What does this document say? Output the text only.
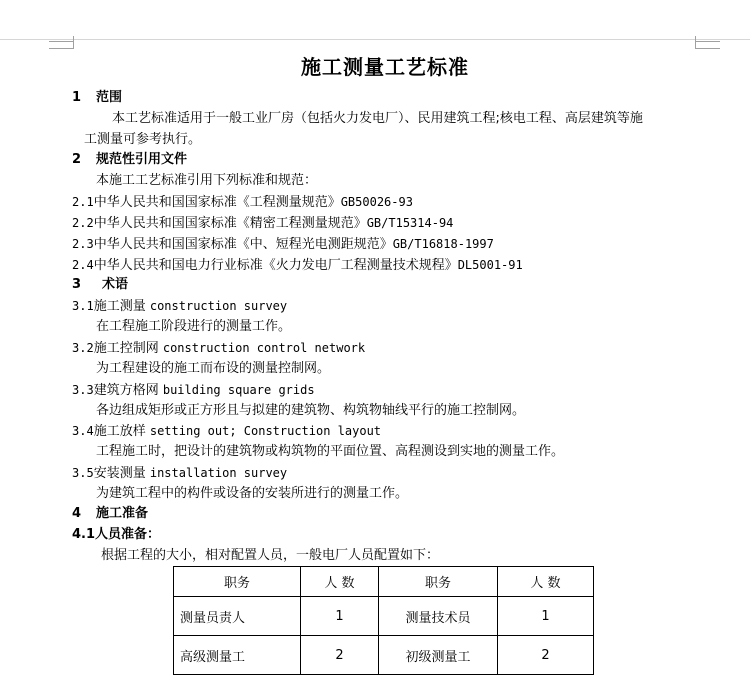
施工测量工艺标准
1 范围
本工艺标准适用于一般工业厂房（包括火力发电厂）、民用建筑工程;核电工程、高层建筑等施
工测量可参考执行。
2 规范性引用文件
本施工工艺标准引用下列标准和规范：
2.1中华人民共和国国家标准《工程测量规范》GB50026-93
2.2中华人民共和国国家标准《精密工程测量规范》GB/T15314-94
2.3中华人民共和国国家标准《中、短程光电测距规范》GB/T16818-1997
2.4中华人民共和国电力行业标准《火力发电厂工程测量技术规程》DL5001-91
3 术语
3.1施工测量 construction survey
在工程施工阶段进行的测量工作。
3.2施工控制网 construction control network
为工程建设的施工而布设的测量控制网。
3.3建筑方格网 building square grids
各边组成矩形或正方形且与拟建的建筑物、构筑物轴线平行的施工控制网。
3.4施工放样 setting out; Construction layout
工程施工时，把设计的建筑物或构筑物的平面位置、高程测设到实地的测量工作。
3.5安装测量 installation survey
为建筑工程中的构件或设备的安装所进行的测量工作。
4 施工准备
4.1人员准备：
根据工程的大小，相对配置人员，一般电厂人员配置如下：
职务	人 数	职务	人 数
测量员责人	1	测量技术员	1
高级测量工	2	初级测量工	2
